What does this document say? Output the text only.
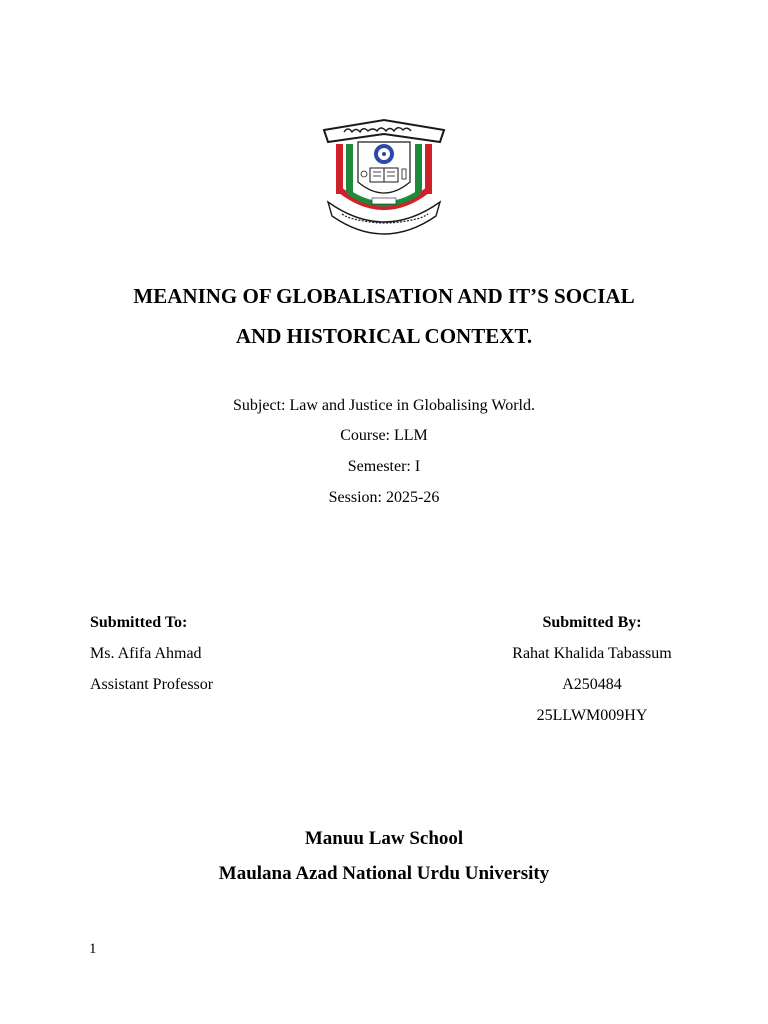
MEANING OF GLOBALISATION AND IT’S SOCIAL
AND HISTORICAL CONTEXT.
Subject: Law and Justice in Globalising World.
Course: LLM
Semester: I
Session: 2025-26
Submitted To:
Ms. Afifa Ahmad
Assistant Professor
Submitted By:
Rahat Khalida Tabassum
A250484
25LLWM009HY
Manuu Law School
Maulana Azad National Urdu University
1
